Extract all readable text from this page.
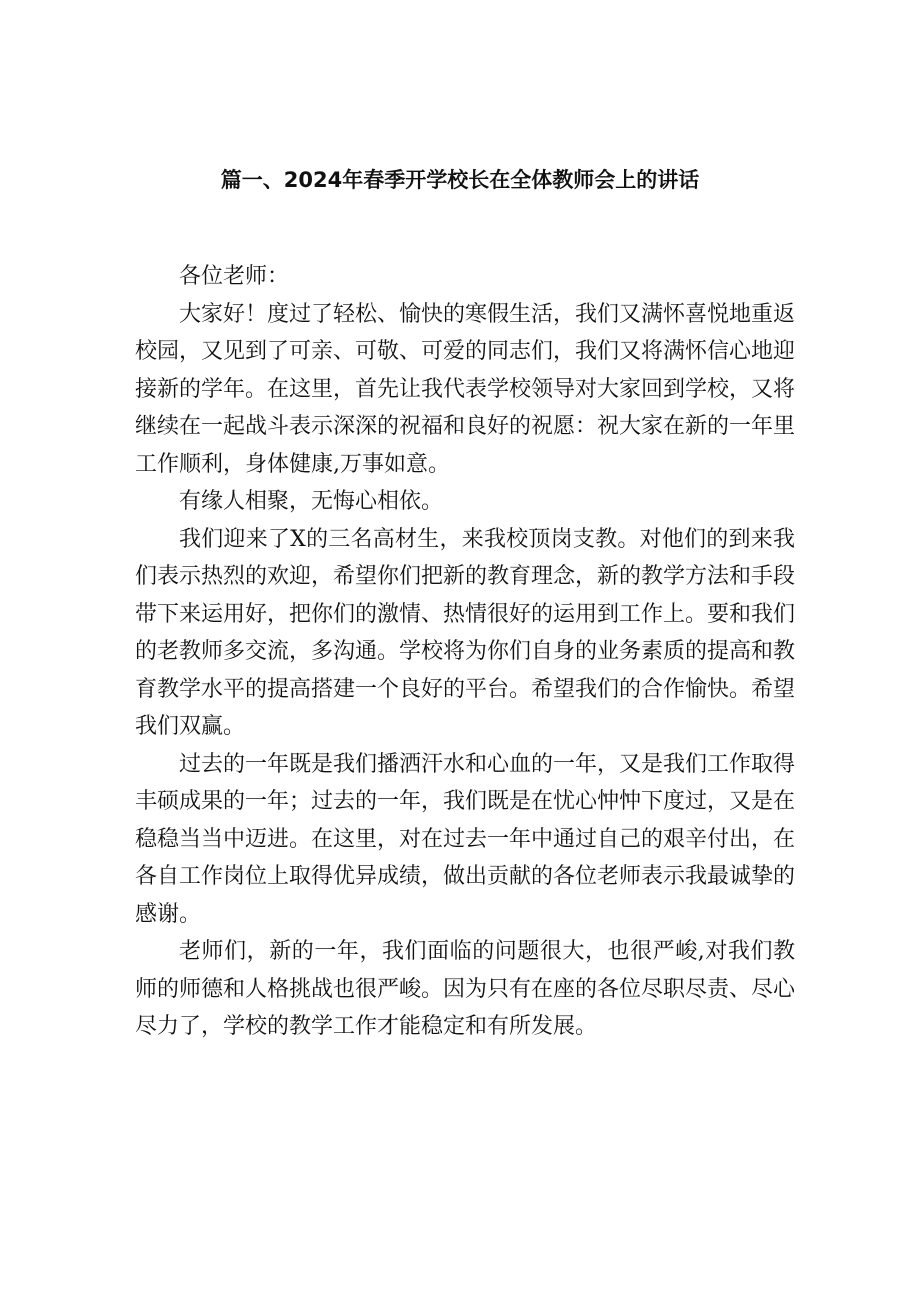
篇一、2024年春季开学校长在全体教师会上的讲话

各位老师：

大家好！度过了轻松、愉快的寒假生活，我们又满怀喜悦地重返校园，又见到了可亲、可敬、可爱的同志们，我们又将满怀信心地迎接新的学年。在这里，首先让我代表学校领导对大家回到学校，又将继续在一起战斗表示深深的祝福和良好的祝愿：祝大家在新的一年里工作顺利，身体健康,万事如意。

有缘人相聚，无悔心相依。

我们迎来了X的三名高材生，来我校顶岗支教。对他们的到来我们表示热烈的欢迎，希望你们把新的教育理念，新的教学方法和手段带下来运用好，把你们的激情、热情很好的运用到工作上。要和我们的老教师多交流，多沟通。学校将为你们自身的业务素质的提高和教育教学水平的提高搭建一个良好的平台。希望我们的合作愉快。希望我们双赢。

过去的一年既是我们播洒汗水和心血的一年，又是我们工作取得丰硕成果的一年；过去的一年，我们既是在忧心忡忡下度过，又是在稳稳当当中迈进。在这里，对在过去一年中通过自己的艰辛付出，在各自工作岗位上取得优异成绩，做出贡献的各位老师表示我最诚挚的感谢。

老师们，新的一年，我们面临的问题很大，也很严峻,对我们教师的师德和人格挑战也很严峻。因为只有在座的各位尽职尽责、尽心尽力了，学校的教学工作才能稳定和有所发展。
